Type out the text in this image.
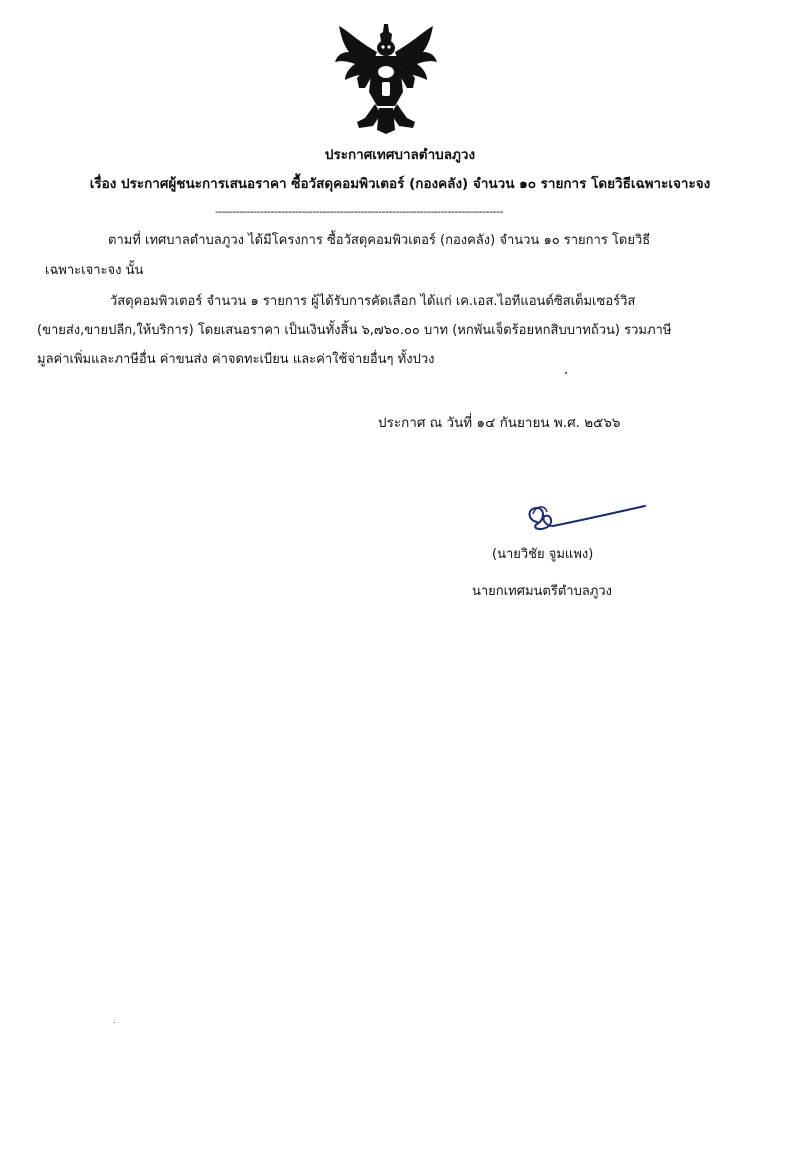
ประกาศเทศบาลตำบลภูวง
เรื่อง ประกาศผู้ชนะการเสนอราคา ซื้อวัสดุคอมพิวเตอร์ (กองคลัง) จำนวน ๑๐ รายการ โดยวิธีเฉพาะเจาะจง
-----------------------------------------------------------------------------------
ตามที่ เทศบาลตำบลภูวง ได้มีโครงการ ซื้อวัสดุคอมพิวเตอร์ (กองคลัง) จำนวน ๑๐ รายการ โดยวิธี
เฉพาะเจาะจง นั้น
วัสดุคอมพิวเตอร์ จำนวน ๑ รายการ ผู้ได้รับการคัดเลือก ได้แก่ เค.เอส.ไอทีแอนด์ซิสเต็มเซอร์วิส
(ขายส่ง,ขายปลีก,ให้บริการ) โดยเสนอราคา เป็นเงินทั้งสิ้น ๖,๗๖๐.๐๐ บาท (หกพันเจ็ดร้อยหกสิบบาทถ้วน) รวมภาษี
มูลค่าเพิ่มและภาษีอื่น ค่าขนส่ง ค่าจดทะเบียน และค่าใช้จ่ายอื่นๆ ทั้งปวง
ประกาศ ณ วันที่ ๑๔ กันยายน พ.ศ. ๒๕๖๖
(นายวิชัย จูมแพง)
นายกเทศมนตรีตำบลภูวง
